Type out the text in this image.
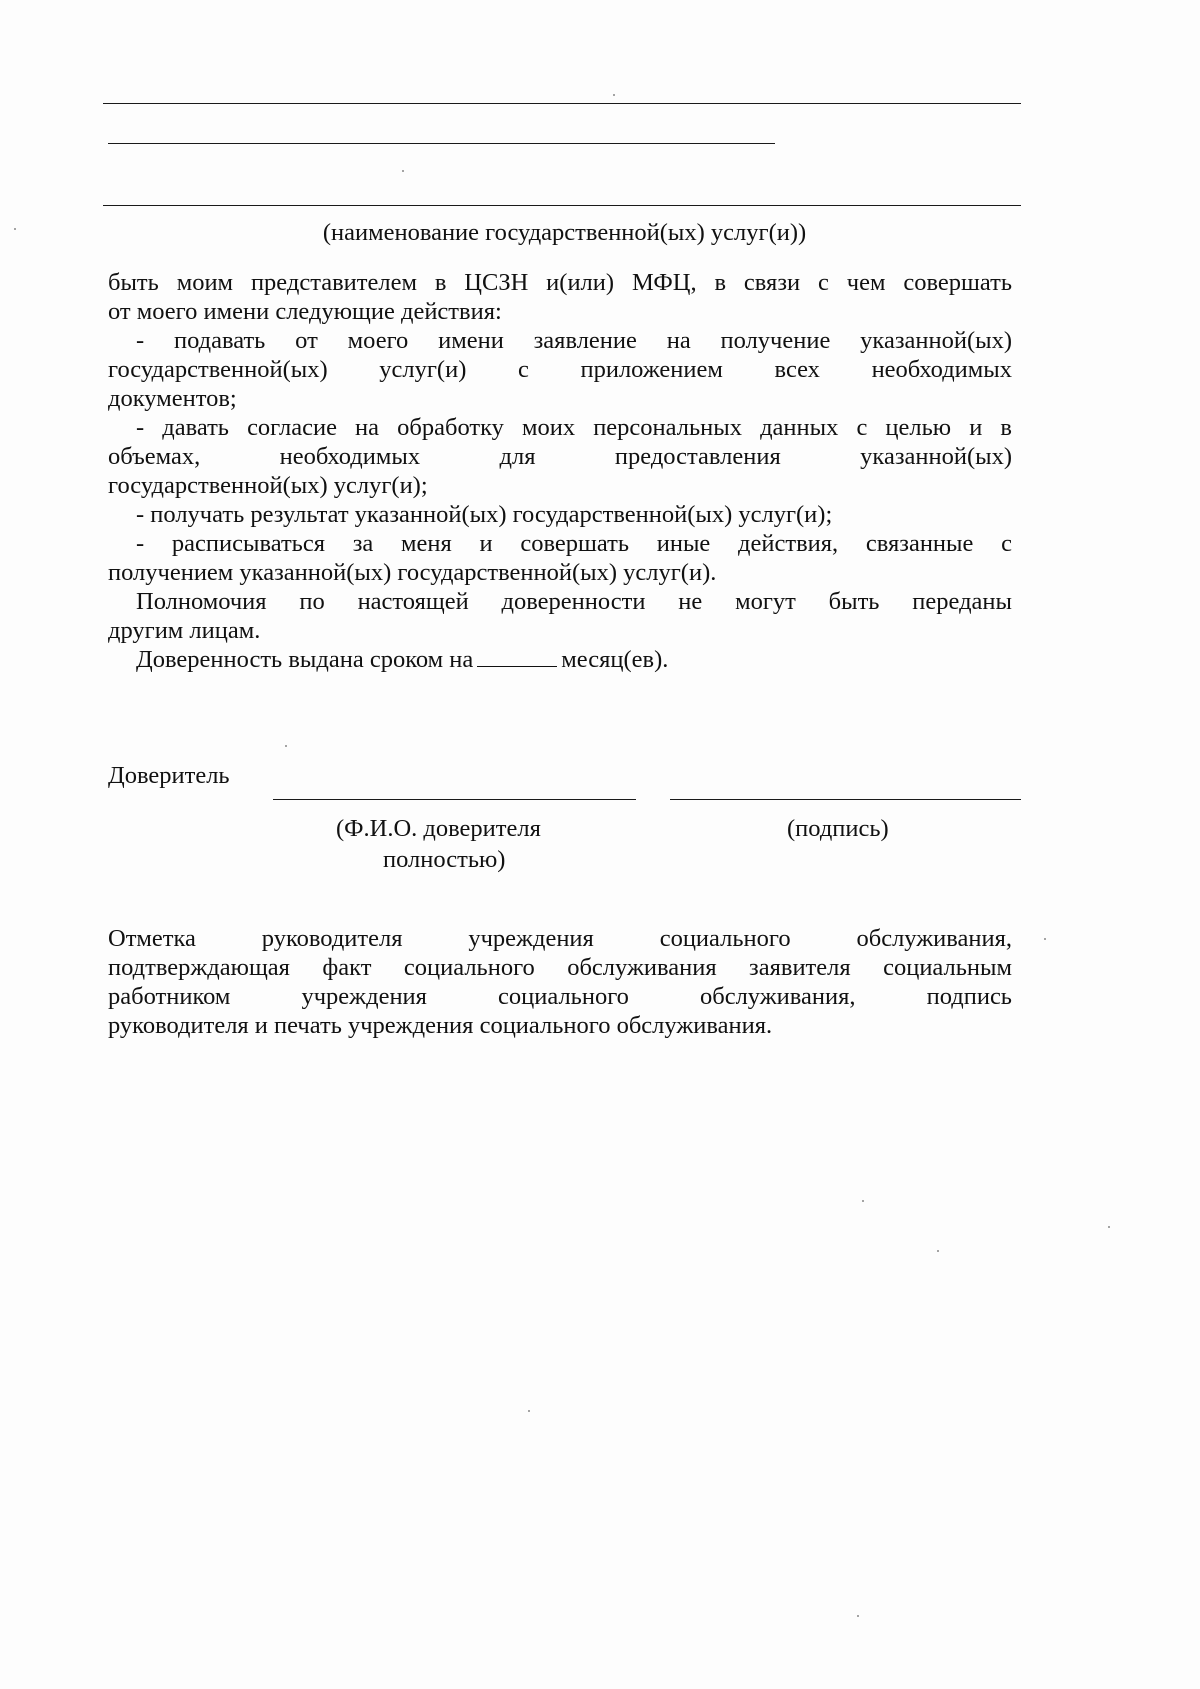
(наименование государственной(ых) услуг(и))
быть моим представителем в ЦСЗН и(или) МФЦ, в связи с чем совершать
от моего имени следующие действия:
- подавать от моего имени заявление на получение указанной(ых)
государственной(ых) услуг(и) с приложением всех необходимых
документов;
- давать согласие на обработку моих персональных данных с целью и в
объемах, необходимых для предоставления указанной(ых)
государственной(ых) услуг(и);
- получать результат указанной(ых) государственной(ых) услуг(и);
- расписываться за меня и совершать иные действия, связанные с
получением указанной(ых) государственной(ых) услуг(и).
Полномочия по настоящей доверенности не могут быть переданы
другим лицам.
Доверенность выдана сроком на	месяц(ев).
Доверитель
(Ф.И.О. доверителя
полностью)
(подпись)
Отметка руководителя учреждения социального обслуживания,
подтверждающая факт социального обслуживания заявителя социальным
работником учреждения социального обслуживания, подпись
руководителя и печать учреждения социального обслуживания.
